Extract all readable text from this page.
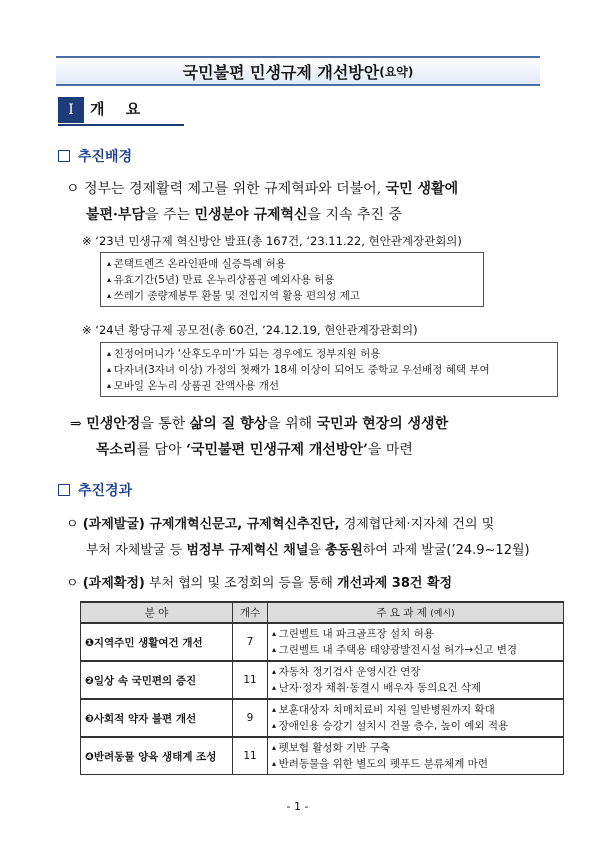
국민불편 민생규제 개선방안 (요약)
Ⅰ	개 요
추진배경
ㅇ 정부는 경제활력 제고를 위한 규제혁파와 더불어, 국민 생활에
불편·부담을 주는 민생분야 규제혁신을 지속 추진 중
※ ‘23년 민생규제 혁신방안 발표(총 167건, ‘23.11.22, 현안관계장관회의)
▴ 콘택트렌즈 온라인판매 실증특례 허용
▴ 유효기간(5년) 만료 온누리상품권 예외사용 허용
▴ 쓰레기 종량제봉투 환불 및 전입지역 활용 편의성 제고
※ ‘24년 황당규제 공모전(총 60건, ‘24.12.19, 현안관계장관회의)
▴ 친정어머니가 ‘산후도우미’가 되는 경우에도 정부지원 허용
▴ 다자녀(3자녀 이상) 가정의 첫째가 18세 이상이 되어도 중학교 우선배정 혜택 부여
▴ 모바일 온누리 상품권 잔액사용 개선
⇒ 민생안정을 통한 삶의 질 향상을 위해 국민과 현장의 생생한
목소리를 담아 ‘국민불편 민생규제 개선방안’을 마련
추진경과
ㅇ (과제발굴) 규제개혁신문고, 규제혁신추진단, 경제협단체·지자체 건의 및
부처 자체발굴 등 범정부 규제혁신 채널을 총동원하여 과제 발굴(’24.9~12월)
ㅇ (과제확정) 부처 협의 및 조정회의 등을 통해 개선과제 38건 확정
분 야	개수	주 요 과 제 (예시)
❶지역주민 생활여건 개선	7	▴ 그린벨트 내 파크골프장 설치 허용
▴ 그린벨트 내 주택용 태양광발전시설 허가→신고 변경

❷일상 속 국민편의 증진	11	▴ 자동차 정기검사 운영시간 연장
▴ 난자·정자 채취·동결시 배우자 동의요건 삭제

❸사회적 약자 불편 개선	9	▴ 보훈대상자 치매치료비 지원 일반병원까지 확대
▴ 장애인용 승강기 설치시 건물 층수, 높이 예외 적용

❹반려동물 양육 생태계 조성	11	▴ 펫보험 활성화 기반 구축
▴ 반려동물을 위한 별도의 펫푸드 분류체계 마련
- 1 -
